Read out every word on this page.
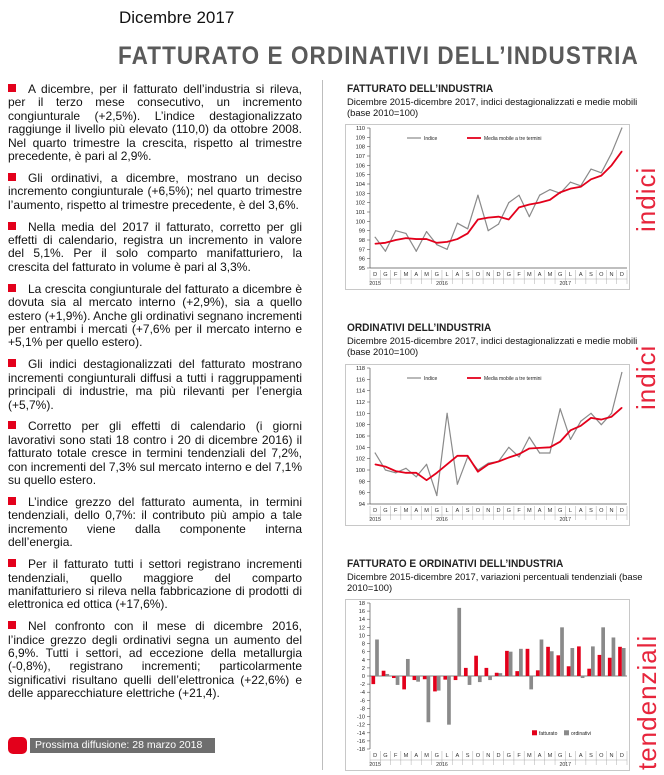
Dicembre 2017
FATTURATO E ORDINATIVI DELL’INDUSTRIA
A dicembre, per il fatturato dell’industria si rileva, per il terzo mese consecutivo, un incremento congiunturale (+2,5%). L’indice destagionalizzato raggiunge il livello più elevato (110,0) da ottobre 2008. Nel quarto trimestre la crescita, rispetto al trimestre precedente, è pari al 2,9%.
Gli ordinativi, a dicembre, mostrano un deciso incremento congiunturale (+6,5%); nel quarto trimestre l’aumento, rispetto al trimestre precedente, è del 3,6%.
Nella media del 2017 il fatturato, corretto per gli effetti di calendario, registra un incremento in valore del 5,1%. Per il solo comparto manifatturiero, la crescita del fatturato in volume è pari al 3,3%.
La crescita congiunturale del fatturato a dicembre è dovuta sia al mercato interno (+2,9%), sia a quello estero (+1,9%). Anche gli ordinativi segnano incrementi per entrambi i mercati (+7,6% per il mercato interno e +5,1% per quello estero).
Gli indici destagionalizzati del fatturato mostrano incrementi congiunturali diffusi a tutti i raggruppamenti principali di industrie, ma più rilevanti per l’energia (+5,7%).
Corretto per gli effetti di calendario (i giorni lavorativi sono stati 18 contro i 20 di dicembre 2016) il fatturato totale cresce in termini tendenziali del 7,2%, con incrementi del 7,3% sul mercato interno e del 7,1% su quello estero.
L’indice grezzo del fatturato aumenta, in termini tendenziali, dello 0,7%: il contributo più ampio a tale incremento viene dalla componente interna dell’energia.
Per il fatturato tutti i settori registrano incrementi tendenziali, quello maggiore del comparto manifatturiero si rileva nella fabbricazione di prodotti di elettronica ed ottica (+17,6%).
Nel confronto con il mese di dicembre 2016, l’indice grezzo degli ordinativi segna un aumento del 6,9%. Tutti i settori, ad eccezione della metallurgia (-0,8%), registrano incrementi; particolarmente significativi risultano quelli dell’elettronica (+22,6%) e delle apparecchiature elettriche (+21,4).
Prossima diffusione: 28 marzo 2018
FATTURATO DELL’INDUSTRIA
Dicembre 2015-dicembre 2017, indici destagionalizzati e medie mobili (base 2010=100)
95
96
97
98
99
100
101
102
103
104
105
106
107
108
109
110
D G F M A M G L A S O N D G F M A M G L A S O N D
2015	2016	2017
Indice	Media mobile a tre termini
indici
ORDINATIVI DELL’INDUSTRIA
Dicembre 2015-dicembre 2017, indici destagionalizzati e medie mobili (base 2010=100)
94
96
98
100
102
104
106
108
110
112
114
116
118
D G F M A M G L A S O N D G F M A M G L A S O N D
2015	2016	2017
Indice	Media mobile a tre termini	indici
FATTURATO E ORDINATIVI DELL’INDUSTRIA
Dicembre 2015-dicembre 2017, variazioni percentuali tendenziali (base 2010=100)
-18
-16
-14
-12
-10
-8
-6
-4
-2
0
2
4
6
8
10
12
14
16
18
D G F M A M G L A S O N D G F M A M G L A S O N D
2015	2016	2017
fatturato	ordinativi tendenziali
